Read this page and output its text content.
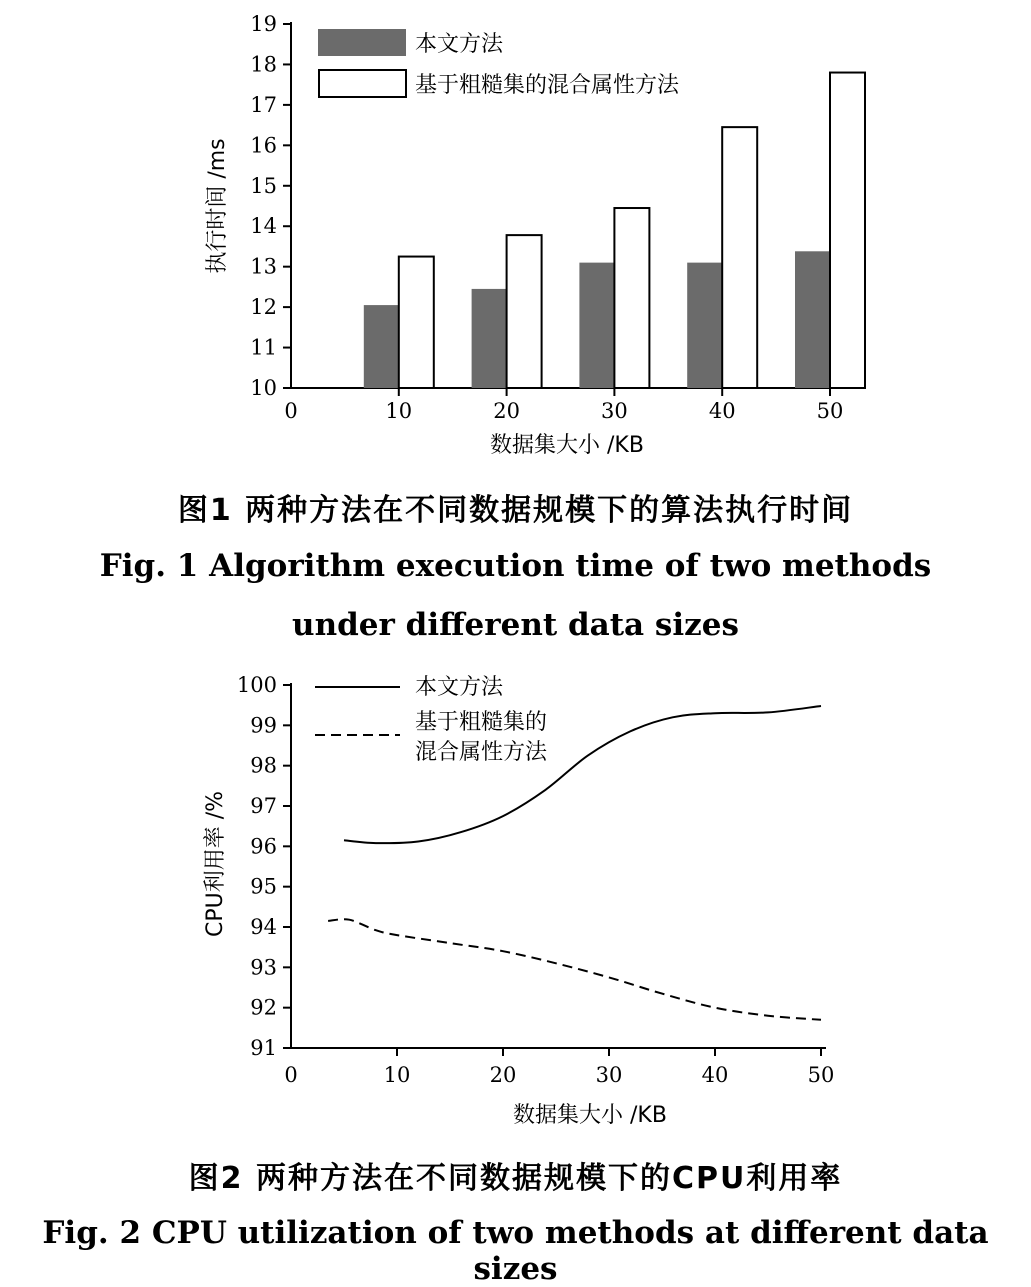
10
11
12
13
14
15
16
17
18
19
0	10	20	30	40	50
本文方法
基于粗糙集的混合属性方法
数据集大小 /KB
执行时间 /ms
图1 两种方法在不同数据规模下的算法执行时间
Fig. 1 Algorithm execution time of two methods
under different data sizes
91
92
93
94
95
96
97
98
99
100
0	10	20	30	40	50
本文方法
基于粗糙集的
混合属性方法
数据集大小 /KB
CPU利用率 /%
图2 两种方法在不同数据规模下的CPU利用率
Fig. 2 CPU utilization of two methods at different data sizes
